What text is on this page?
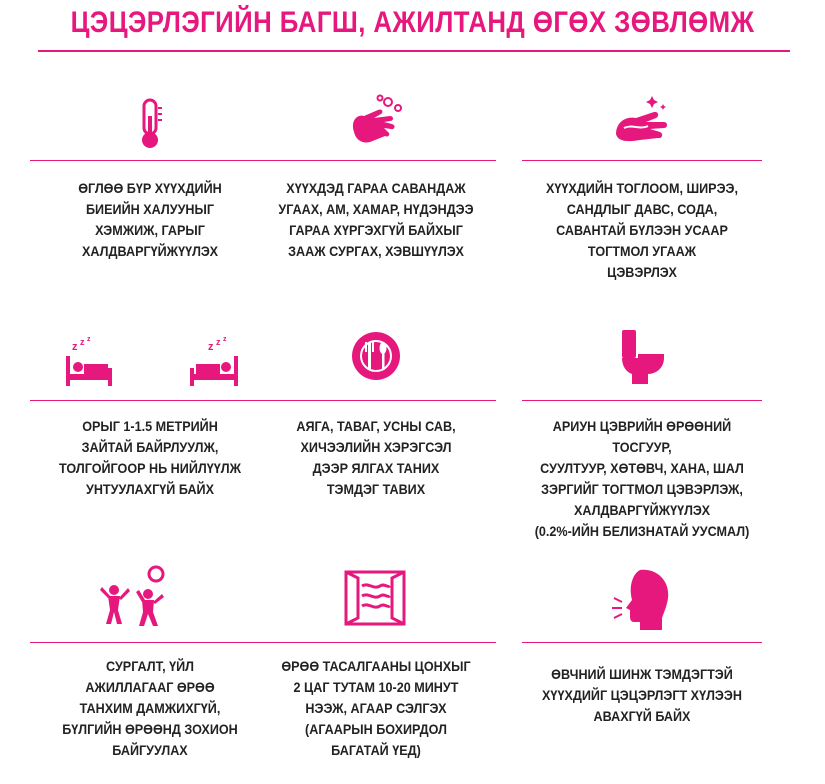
ЦЭЦЭРЛЭГИЙН БАГШ, АЖИЛТАНД ӨГӨХ ЗӨВЛӨМЖ
ӨГЛӨӨ БҮР ХҮҮХДИЙН
БИЕИЙН ХАЛУУНЫГ
ХЭМЖИЖ, ГАРЫГ
ХАЛДВАРГҮЙЖҮҮЛЭХ
ХҮҮХДЭД ГАРАА САВАНДАЖ
УГААХ, АМ, ХАМАР, НҮДЭНДЭЭ
ГАРАА ХҮРГЭХГҮЙ БАЙХЫГ
ЗААЖ СУРГАХ, ХЭВШҮҮЛЭХ
ХҮҮХДИЙН ТОГЛООМ, ШИРЭЭ,
САНДЛЫГ ДАВС, СОДА,
САВАНТАЙ БҮЛЭЭН УСААР
ТОГТМОЛ УГААЖ
ЦЭВЭРЛЭХ
z z z
z z z
ОРЫГ 1-1.5 МЕТРИЙН
ЗАЙТАЙ БАЙРЛУУЛЖ,
ТОЛГОЙГООР НЬ НИЙЛҮҮЛЖ
УНТУУЛАХГҮЙ БАЙХ
АЯГА, ТАВАГ, УСНЫ САВ,
ХИЧЭЭЛИЙН ХЭРЭГСЭЛ
ДЭЭР ЯЛГАХ ТАНИХ
ТЭМДЭГ ТАВИХ
АРИУН ЦЭВРИЙН ӨРӨӨНИЙ ТОСГУУР,
СУУЛТУУР, ХӨТӨВЧ, ХАНА, ШАЛ
ЗЭРГИЙГ ТОГТМОЛ ЦЭВЭРЛЭЖ,
ХАЛДВАРГҮЙЖҮҮЛЭХ
(0.2%-ИЙН БЕЛИЗНАТАЙ УУСМАЛ)
СУРГАЛТ, ҮЙЛ
АЖИЛЛАГААГ ӨРӨӨ
ТАНХИМ ДАМЖИХГҮЙ,
БҮЛГИЙН ӨРӨӨНД ЗОХИОН
БАЙГУУЛАХ
ӨРӨӨ ТАСАЛГААНЫ ЦОНХЫГ
2 ЦАГ ТУТАМ 10-20 МИНУТ
НЭЭЖ, АГААР СЭЛГЭХ
(АГААРЫН БОХИРДОЛ
БАГАТАЙ ҮЕД)
ӨВЧНИЙ ШИНЖ ТЭМДЭГТЭЙ
ХҮҮХДИЙГ ЦЭЦЭРЛЭГТ ХҮЛЭЭН
АВАХГҮЙ БАЙХ
